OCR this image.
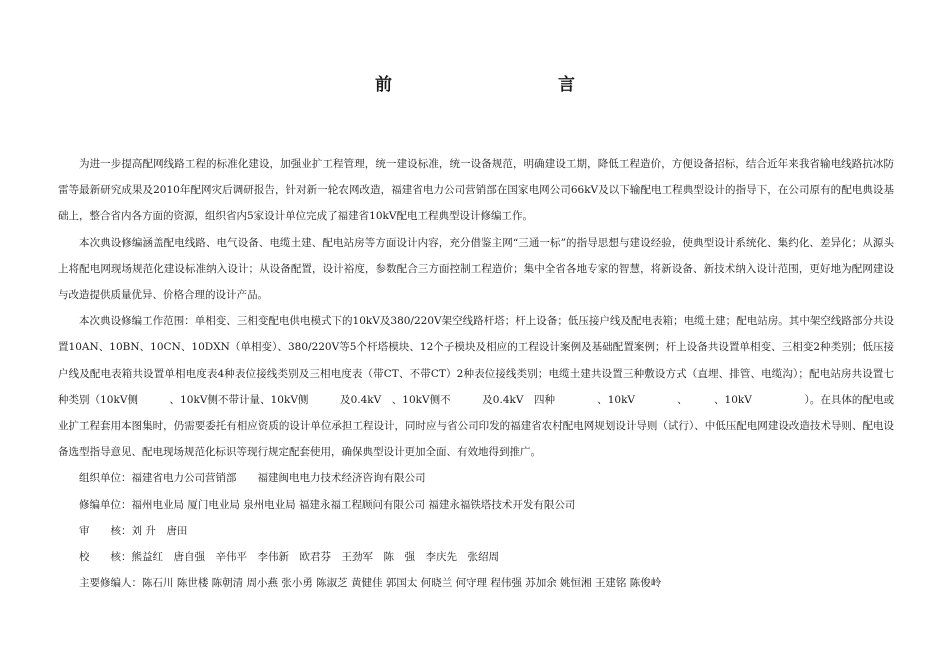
前　　言

为进一步提高配网线路工程的标准化建设，加强业扩工程管理，统一建设标准，统一设备规范，明确建设工期，降低工程造价，方便设备招标，结合近年来我省输电线路抗冰防雷等最新研究成果及2010年配网灾后调研报告，针对新一轮农网改造，福建省电力公司营销部在国家电网公司66kV及以下输配电工程典型设计的指导下，在公司原有的配电典设基础上，整合省内各方面的资源，组织省内5家设计单位完成了福建省10kV配电工程典型设计修编工作。

本次典设修编涵盖配电线路、电气设备、电缆土建、配电站房等方面设计内容，充分借鉴主网“三通一标”的指导思想与建设经验，使典型设计系统化、集约化、差异化；从源头上将配电网现场规范化建设标准纳入设计；从设备配置，设计裕度，参数配合三方面控制工程造价；集中全省各地专家的智慧，将新设备、新技术纳入设计范围，更好地为配网建设与改造提供质量优异、价格合理的设计产品。

本次典设修编工作范围：单相变、三相变配电供电模式下的10kV及380/220V架空线路杆塔；杆上设备；低压接户线及配电表箱；电缆土建；配电站房。其中架空线路部分共设置10AN、10BN、10CN、10DXN（单相变）、380/220V等5个杆塔模块、12个子模块及相应的工程设计案例及基础配置案例；杆上设备共设置单相变、三相变2种类别；低压接户线及配电表箱共设置单相电度表4种表位接线类别及三相电度表（带CT、不带CT）2种表位接线类别；电缆土建共设置三种敷设方式（直埋、排管、电缆沟）；配电站房共设置七种类别（10kV侧　　　、10kV侧不带计量、10kV侧　　　及0.4kV　、10kV侧不　　　及0.4kV　四种　　　　、10kV　　　　、　　　、10kV　　　　　）。在具体的配电或业扩工程套用本图集时，仍需要委托有相应资质的设计单位承担工程设计，同时应与省公司印发的福建省农村配电网规划设计导则（试行）、中低压配电网建设改造技术导则、配电设备选型指导意见、配电现场规范化标识等现行规定配套使用，确保典型设计更加全面、有效地得到推广。

组织单位：福建省电力公司营销部　　福建闽电电力技术经济咨询有限公司

修编单位：福州电业局 厦门电业局 泉州电业局 福建永福工程顾问有限公司 福建永福铁塔技术开发有限公司

审　　核：刘 升　唐田

校　　核：熊益红　唐自强　辛伟平　李伟新　欧君芬　王劲军　陈　强　李庆先　张绍周

主要修编人：陈石川 陈世楼 陈朝清 周小燕 张小勇 陈淑芝 黄健佳 郭国太 何晓兰 何守理 程伟强 苏加余 姚恒湘 王建铭 陈俊岭
